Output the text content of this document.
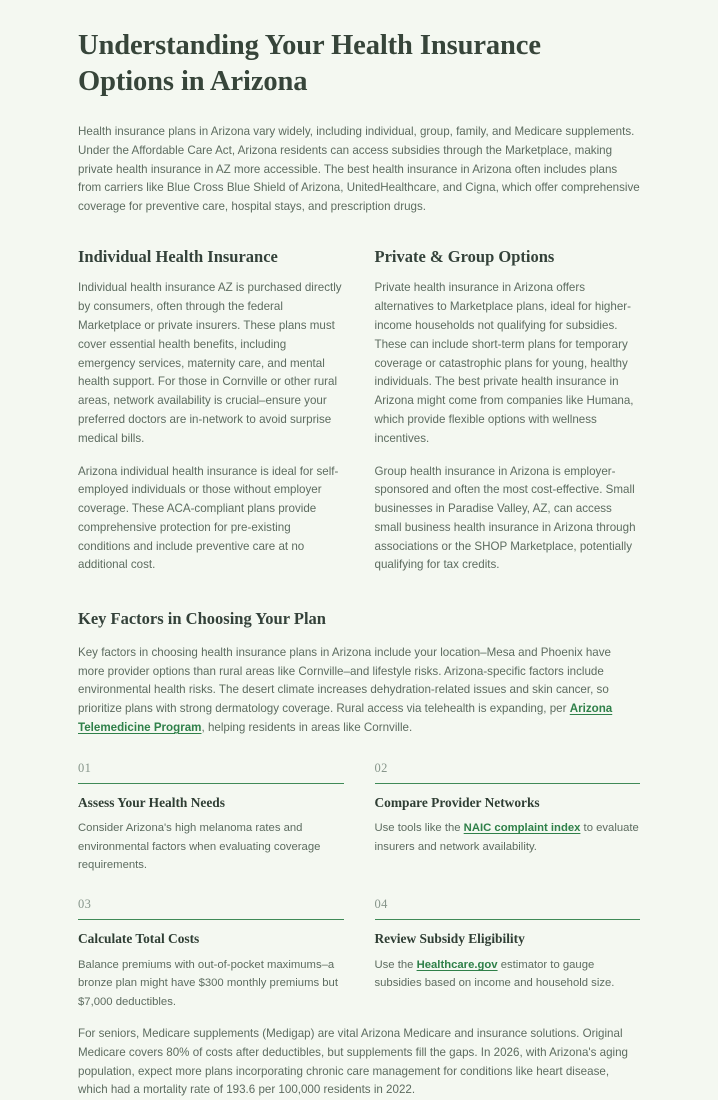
Understanding Your Health Insurance Options in Arizona

Health insurance plans in Arizona vary widely, including individual, group, family, and Medicare supplements. Under the Affordable Care Act, Arizona residents can access subsidies through the Marketplace, making private health insurance in AZ more accessible. The best health insurance in Arizona often includes plans from carriers like Blue Cross Blue Shield of Arizona, UnitedHealthcare, and Cigna, which offer comprehensive coverage for preventive care, hospital stays, and prescription drugs.

Individual Health Insurance

Individual health insurance AZ is purchased directly by consumers, often through the federal Marketplace or private insurers. These plans must cover essential health benefits, including emergency services, maternity care, and mental health support. For those in Cornville or other rural areas, network availability is crucial–ensure your preferred doctors are in-network to avoid surprise medical bills.

Arizona individual health insurance is ideal for self-employed individuals or those without employer coverage. These ACA-compliant plans provide comprehensive protection for pre-existing conditions and include preventive care at no additional cost.

Private & Group Options

Private health insurance in Arizona offers alternatives to Marketplace plans, ideal for higher-income households not qualifying for subsidies. These can include short-term plans for temporary coverage or catastrophic plans for young, healthy individuals. The best private health insurance in Arizona might come from companies like Humana, which provide flexible options with wellness incentives.

Group health insurance in Arizona is employer-sponsored and often the most cost-effective. Small businesses in Paradise Valley, AZ, can access small business health insurance in Arizona through associations or the SHOP Marketplace, potentially qualifying for tax credits.

Key Factors in Choosing Your Plan

Key factors in choosing health insurance plans in Arizona include your location–Mesa and Phoenix have more provider options than rural areas like Cornville–and lifestyle risks. Arizona-specific factors include environmental health risks. The desert climate increases dehydration-related issues and skin cancer, so prioritize plans with strong dermatology coverage. Rural access via telehealth is expanding, per Arizona Telemedicine Program, helping residents in areas like Cornville.

01
Assess Your Health Needs

Consider Arizona's high melanoma rates and environmental factors when evaluating coverage requirements.

02
Compare Provider Networks

Use tools like the NAIC complaint index to evaluate insurers and network availability.

03
Calculate Total Costs

Balance premiums with out-of-pocket maximums–a bronze plan might have $300 monthly premiums but $7,000 deductibles.

04
Review Subsidy Eligibility

Use the Healthcare.gov estimator to gauge subsidies based on income and household size.

For seniors, Medicare supplements (Medigap) are vital Arizona Medicare and insurance solutions. Original Medicare covers 80% of costs after deductibles, but supplements fill the gaps. In 2026, with Arizona's aging population, expect more plans incorporating chronic care management for conditions like heart disease, which had a mortality rate of 193.6 per 100,000 residents in 2022.
